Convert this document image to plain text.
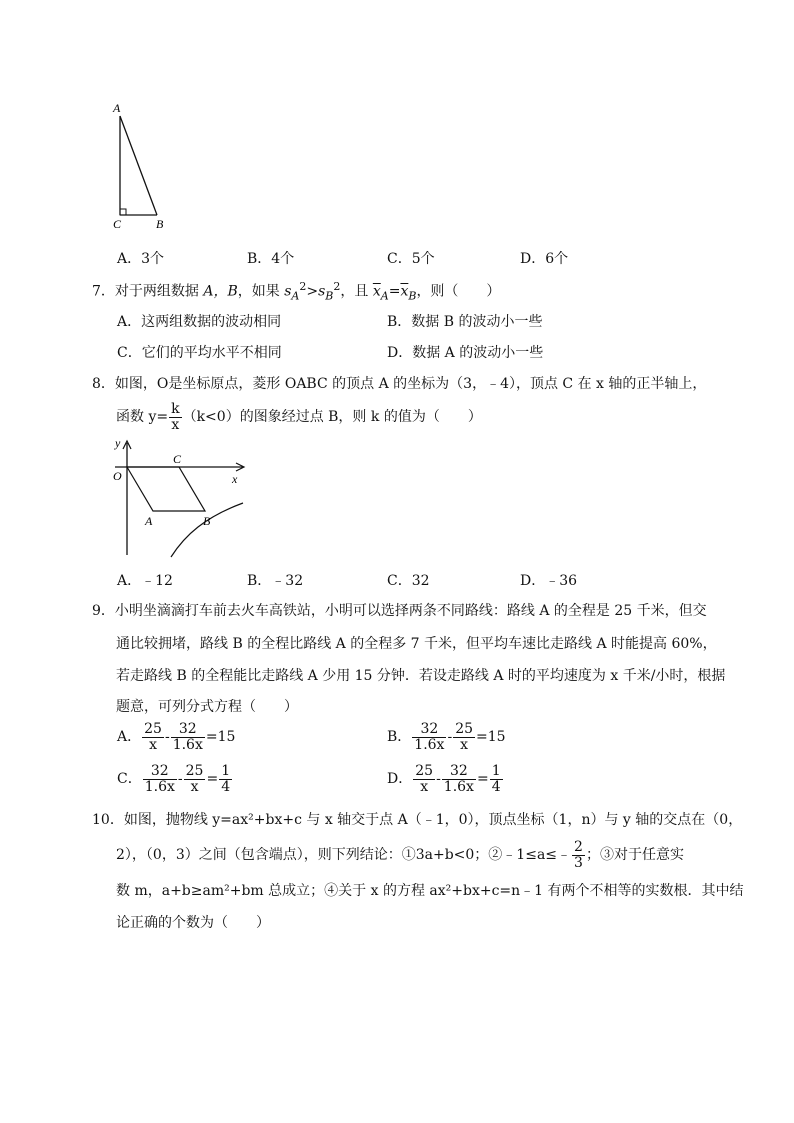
A
C	B
A．3个	B．4个	C．5个	D．6个
7．对于两组数据 A，B，如果 $s_A^2>s_B^2$，且 $\overline{x}_A=\overline{x}_B$，则（　　）
A．这两组数据的波动相同	B．数据 B 的波动小一些
C．它们的平均水平不相同	D．数据 A 的波动小一些
8．如图，O是坐标原点，菱形 OABC 的顶点 A 的坐标为（3，﹣4），顶点 C 在 x 轴的正半轴上，
函数 $y= \frac{k}{x} (k<0)$的图象经过点 B，则 k 的值为（　　）
y
O
C
x
A	B
A．﹣12	B．﹣32	C．32	D．﹣36
9．小明坐滴滴打车前去火车高铁站，小明可以选择两条不同路线：路线 A 的全程是 25 千米，但交
通比较拥堵，路线 B 的全程比路线 A 的全程多 7 千米，但平均车速比走路线 A 时能提高 60%，
若走路线 B 的全程能比走路线 A 少用 15 分钟．若设走路线 A 时的平均速度为 x 千米/小时，根据
题意，可列分式方程（　　）
A． $\frac{25}{x} - \frac{32}{1.6x} =15$	B． $\frac{32}{1.6x} - \frac{25}{x} =15$
C． $\frac{32}{1.6x} - \frac{25}{x} = \frac{1}{4}$	D． $\frac{25}{x} - \frac{32}{1.6x} = \frac{1}{4}$
10．如图，抛物线 y=ax²+bx+c 与 x 轴交于点 A（﹣1，0），顶点坐标（1，n）与 y 轴的交点在（0，
2），（0，3）之间（包含端点），则下列结论：①3a+b<0；②﹣1≤a≤﹣ $\frac{2}{3}$ ；③对于任意实
数 m，a+b≥am²+bm 总成立；④关于 x 的方程 ax²+bx+c=n﹣1 有两个不相等的实数根．其中结
论正确的个数为（　　）
